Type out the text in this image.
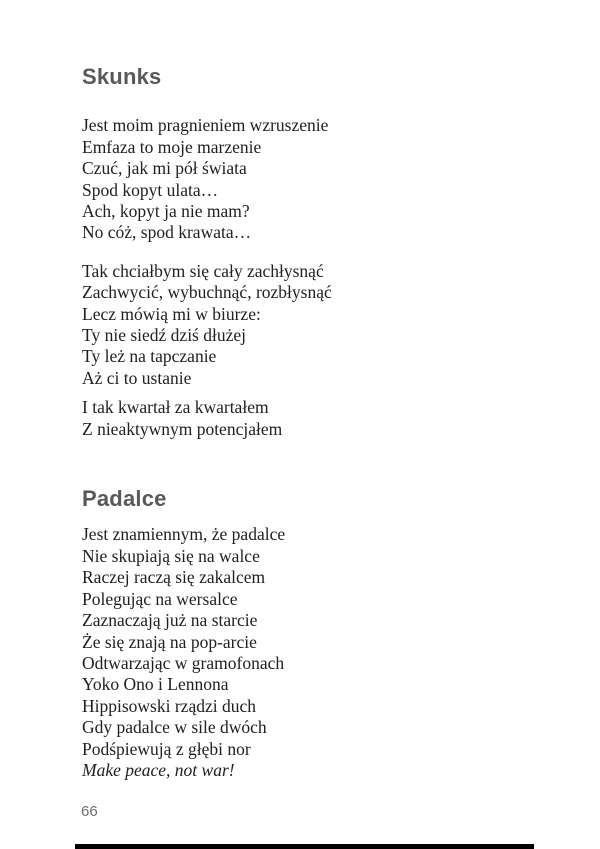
Skunks

Jest moim pragnieniem wzruszenie
Emfaza to moje marzenie
Czuć, jak mi pół świata
Spod kopyt ulata…
Ach, kopyt ja nie mam?
No cóż, spod krawata…

Tak chciałbym się cały zachłysnąć
Zachwycić, wybuchnąć, rozbłysnąć
Lecz mówią mi w biurze:
Ty nie siedź dziś dłużej
Ty leż na tapczanie
Aż ci to ustanie

I tak kwartał za kwartałem
Z nieaktywnym potencjałem

Padalce

Jest znamiennym, że padalce
Nie skupiają się na walce
Raczej raczą się zakalcem
Polegując na wersalce
Zaznaczają już na starcie
Że się znają na pop-arcie
Odtwarzając w gramofonach
Yoko Ono i Lennona
Hippisowski rządzi duch
Gdy padalce w sile dwóch
Podśpiewują z głębi nor
Make peace, not war!

66
